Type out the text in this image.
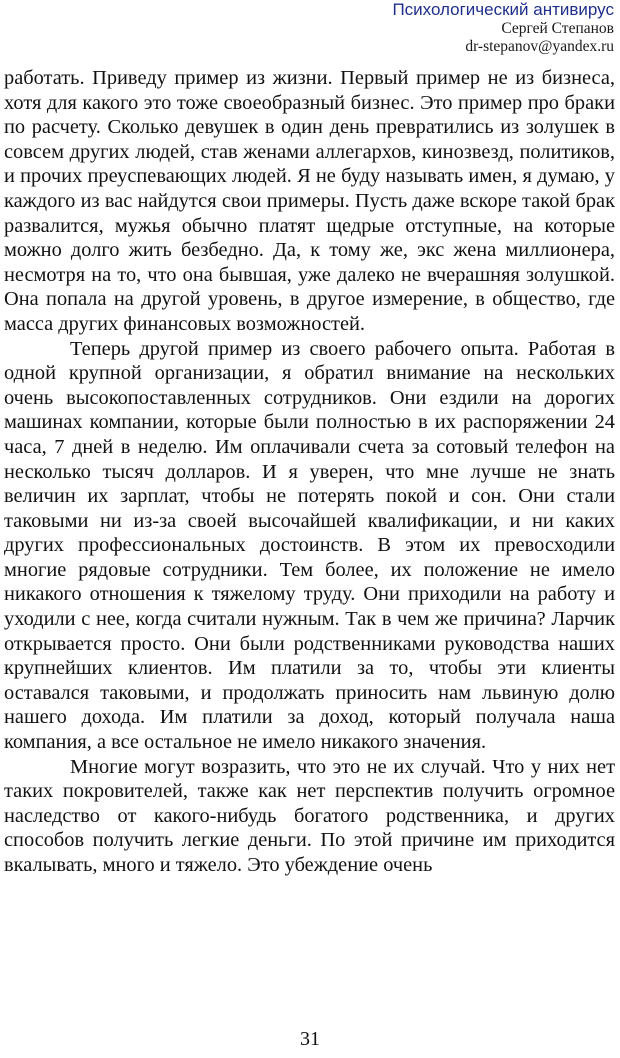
Психологический антивирус
Сергей Степанов
dr-stepanov@yandex.ru

работать. Приведу пример из жизни. Первый пример не из бизнеса, хотя для какого это тоже своеобразный бизнес. Это пример про браки по расчету. Сколько девушек в один день превратились из золушек в совсем других людей, став женами аллегархов, кинозвезд, политиков, и прочих преуспевающих людей. Я не буду называть имен, я думаю, у каждого из вас найдутся свои примеры. Пусть даже вскоре такой брак развалится, мужья обычно платят щедрые отступные, на которые можно долго жить безбедно. Да, к тому же, экс жена миллионера, несмотря на то, что она бывшая, уже далеко не вчерашняя золушкой. Она попала на другой уровень, в другое измерение, в общество, где масса других финансовых возможностей.

Теперь другой пример из своего рабочего опыта. Работая в одной крупной организации, я обратил внимание на нескольких очень высокопоставленных сотрудников. Они ездили на дорогих машинах компании, которые были полностью в их распоряжении 24 часа, 7 дней в неделю. Им оплачивали счета за сотовый телефон на несколько тысяч долларов. И я уверен, что мне лучше не знать величин их зарплат, чтобы не потерять покой и сон. Они стали таковыми ни из-за своей высочайшей квалификации, и ни каких других профессиональных достоинств. В этом их превосходили многие рядовые сотрудники. Тем более, их положение не имело никакого отношения к тяжелому труду. Они приходили на работу и уходили с нее, когда считали нужным. Так в чем же причина? Ларчик открывается просто. Они были родственниками руководства наших крупнейших клиентов. Им платили за то, чтобы эти клиенты оставался таковыми, и продолжать приносить нам львиную долю нашего дохода. Им платили за доход, который получала наша компания, а все остальное не имело никакого значения.

Многие могут возразить, что это не их случай. Что у них нет таких покровителей, также как нет перспектив получить огромное наследство от какого-нибудь богатого родственника, и других способов получить легкие деньги. По этой причине им приходится вкалывать, много и тяжело. Это убеждение очень

31
